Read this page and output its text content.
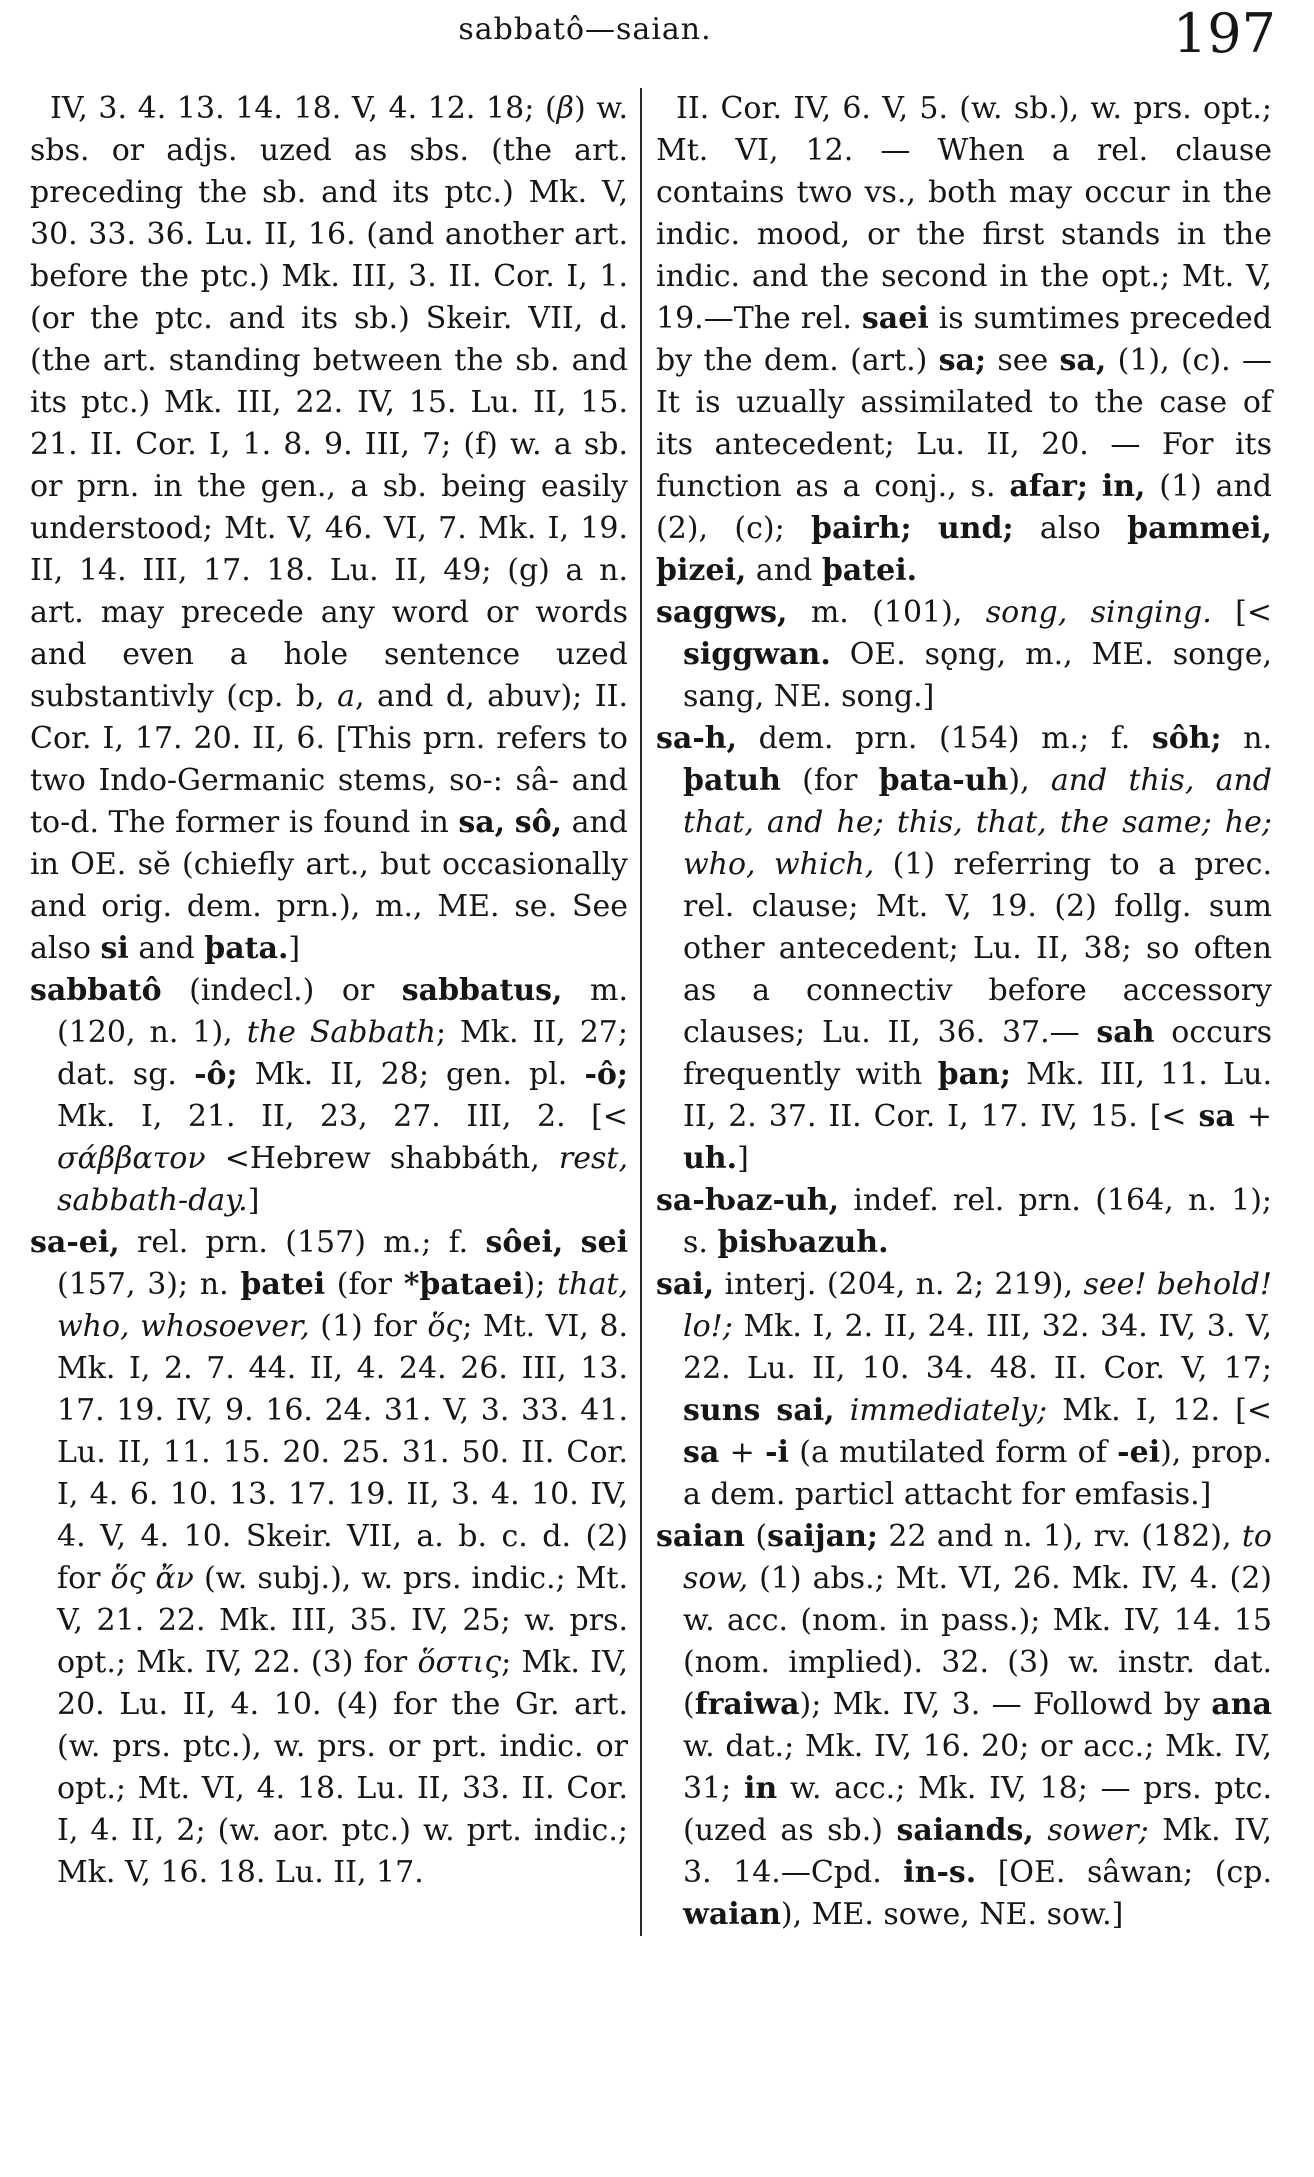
sabbatô—saian.	197

IV, 3. 4. 13. 14. 18. V, 4. 12. 18; (β) w. sbs. or adjs. uzed as sbs. (the art. preceding the sb. and its ptc.) Mk. V, 30. 33. 36. Lu. II, 16. (and another art. before the ptc.) Mk. III, 3. II. Cor. I, 1. (or the ptc. and its sb.) Skeir. VII, d. (the art. standing between the sb. and its ptc.) Mk. III, 22. IV, 15. Lu. II, 15. 21. II. Cor. I, 1. 8. 9. III, 7; (f) w. a sb. or prn. in the gen., a sb. being easily understood; Mt. V, 46. VI, 7. Mk. I, 19. II, 14. III, 17. 18. Lu. II, 49; (g) a n. art. may precede any word or words and even a hole sentence uzed substantivly (cp. b, a, and d, abuv); II. Cor. I, 17. 20. II, 6. [This prn. refers to two Indo-Germanic stems, so-: sâ- and to-d. The former is found in sa, sô, and in OE. sĕ (chiefly art., but occasionally and orig. dem. prn.), m., ME. se. See also si and þata.]

sabbatô (indecl.) or sabbatus, m. (120, n. 1), the Sabbath; Mk. II, 27; dat. sg. -ô; Mk. II, 28; gen. pl. -ô; Mk. I, 21. II, 23, 27. III, 2. [< σάββατον <Hebrew shabbáth, rest, sabbath-day.]

sa-ei, rel. prn. (157) m.; f. sôei, sei (157, 3); n. þatei (for *þataei); that, who, whosoever, (1) for ὅς; Mt. VI, 8. Mk. I, 2. 7. 44. II, 4. 24. 26. III, 13. 17. 19. IV, 9. 16. 24. 31. V, 3. 33. 41. Lu. II, 11. 15. 20. 25. 31. 50. II. Cor. I, 4. 6. 10. 13. 17. 19. II, 3. 4. 10. IV, 4. V, 4. 10. Skeir. VII, a. b. c. d. (2) for ὅς ἄν (w. subj.), w. prs. indic.; Mt. V, 21. 22. Mk. III, 35. IV, 25; w. prs. opt.; Mk. IV, 22. (3) for ὅστις; Mk. IV, 20. Lu. II, 4. 10. (4) for the Gr. art. (w. prs. ptc.), w. prs. or prt. indic. or opt.; Mt. VI, 4. 18. Lu. II, 33. II. Cor. I, 4. II, 2; (w. aor. ptc.) w. prt. indic.; Mk. V, 16. 18. Lu. II, 17.

II. Cor. IV, 6. V, 5. (w. sb.), w. prs. opt.; Mt. VI, 12. — When a rel. clause contains two vs., both may occur in the indic. mood, or the first stands in the indic. and the second in the opt.; Mt. V, 19.—The rel. saei is sumtimes preceded by the dem. (art.) sa; see sa, (1), (c). — It is uzually assimilated to the case of its antecedent; Lu. II, 20. — For its function as a conj., s. afar; in, (1) and (2), (c); þairh; und; also þammei, þizei, and þatei.

saggws, m. (101), song, singing. [< siggwan. OE. sǫng, m., ME. songe, sang, NE. song.]

sa-h, dem. prn. (154) m.; f. sôh; n. þatuh (for þata-uh), and this, and that, and he; this, that, the same; he; who, which, (1) referring to a prec. rel. clause; Mt. V, 19. (2) follg. sum other antecedent; Lu. II, 38; so often as a connectiv before accessory clauses; Lu. II, 36. 37.— sah occurs frequently with þan; Mk. III, 11. Lu. II, 2. 37. II. Cor. I, 17. IV, 15. [< sa + uh.]

sa-ƕaz-uh, indef. rel. prn. (164, n. 1); s. þisƕazuh.

sai, interj. (204, n. 2; 219), see! behold! lo!; Mk. I, 2. II, 24. III, 32. 34. IV, 3. V, 22. Lu. II, 10. 34. 48. II. Cor. V, 17; suns sai, immediately; Mk. I, 12. [< sa + -i (a mutilated form of -ei), prop. a dem. particl attacht for emfasis.]

saian (saijan; 22 and n. 1), rv. (182), to sow, (1) abs.; Mt. VI, 26. Mk. IV, 4. (2) w. acc. (nom. in pass.); Mk. IV, 14. 15 (nom. implied). 32. (3) w. instr. dat. (fraiwa); Mk. IV, 3. — Followd by ana w. dat.; Mk. IV, 16. 20; or acc.; Mk. IV, 31; in w. acc.; Mk. IV, 18; — prs. ptc. (uzed as sb.) saiands, sower; Mk. IV, 3. 14.—Cpd. in-s. [OE. sâwan; (cp. waian), ME. sowe, NE. sow.]
